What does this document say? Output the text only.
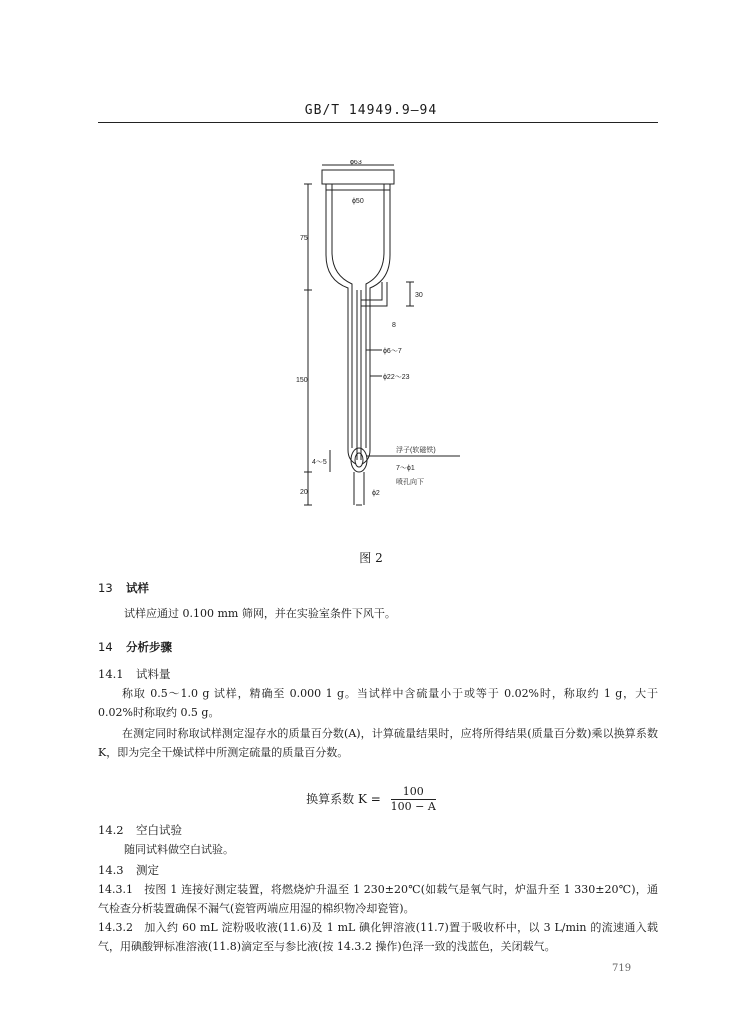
GB/T 14949.9—94
ϕ63
ϕ50
75
30
8
ϕ6～7
ϕ22～23
150
4～5
20
浮子(软磁铁)
7～ϕ1
喷孔向下
ϕ2
图 2
13 试样
试样应通过 0.100 mm 筛网，并在实验室条件下风干。
14 分析步骤
14.1 试料量
称取 0.5～1.0 g 试样，精确至 0.000 1 g。当试样中含硫量小于或等于 0.02%时，称取约 1 g，大于 0.02%时称取约 0.5 g。
在测定同时称取试样测定湿存水的质量百分数(A)，计算硫量结果时，应将所得结果(质量百分数)乘以换算系数 K，即为完全干燥试样中所测定硫量的质量百分数。
换算系数 $K = \frac{100}{100 - A}$
14.2 空白试验
随同试料做空白试验。
14.3 测定
14.3.1 按图 1 连接好测定装置，将燃烧炉升温至 1 230±20℃(如载气是氧气时，炉温升至 1 330±20℃)，通气检查分析装置确保不漏气(瓷管两端应用湿的棉织物冷却瓷管)。
14.3.2 加入约 60 mL 淀粉吸收液(11.6)及 1 mL 碘化钾溶液(11.7)置于吸收杯中，以 3 L/min 的流速通入载气，用碘酸钾标准溶液(11.8)滴定至与参比液(按 14.3.2 操作)色泽一致的浅蓝色，关闭载气。
719
